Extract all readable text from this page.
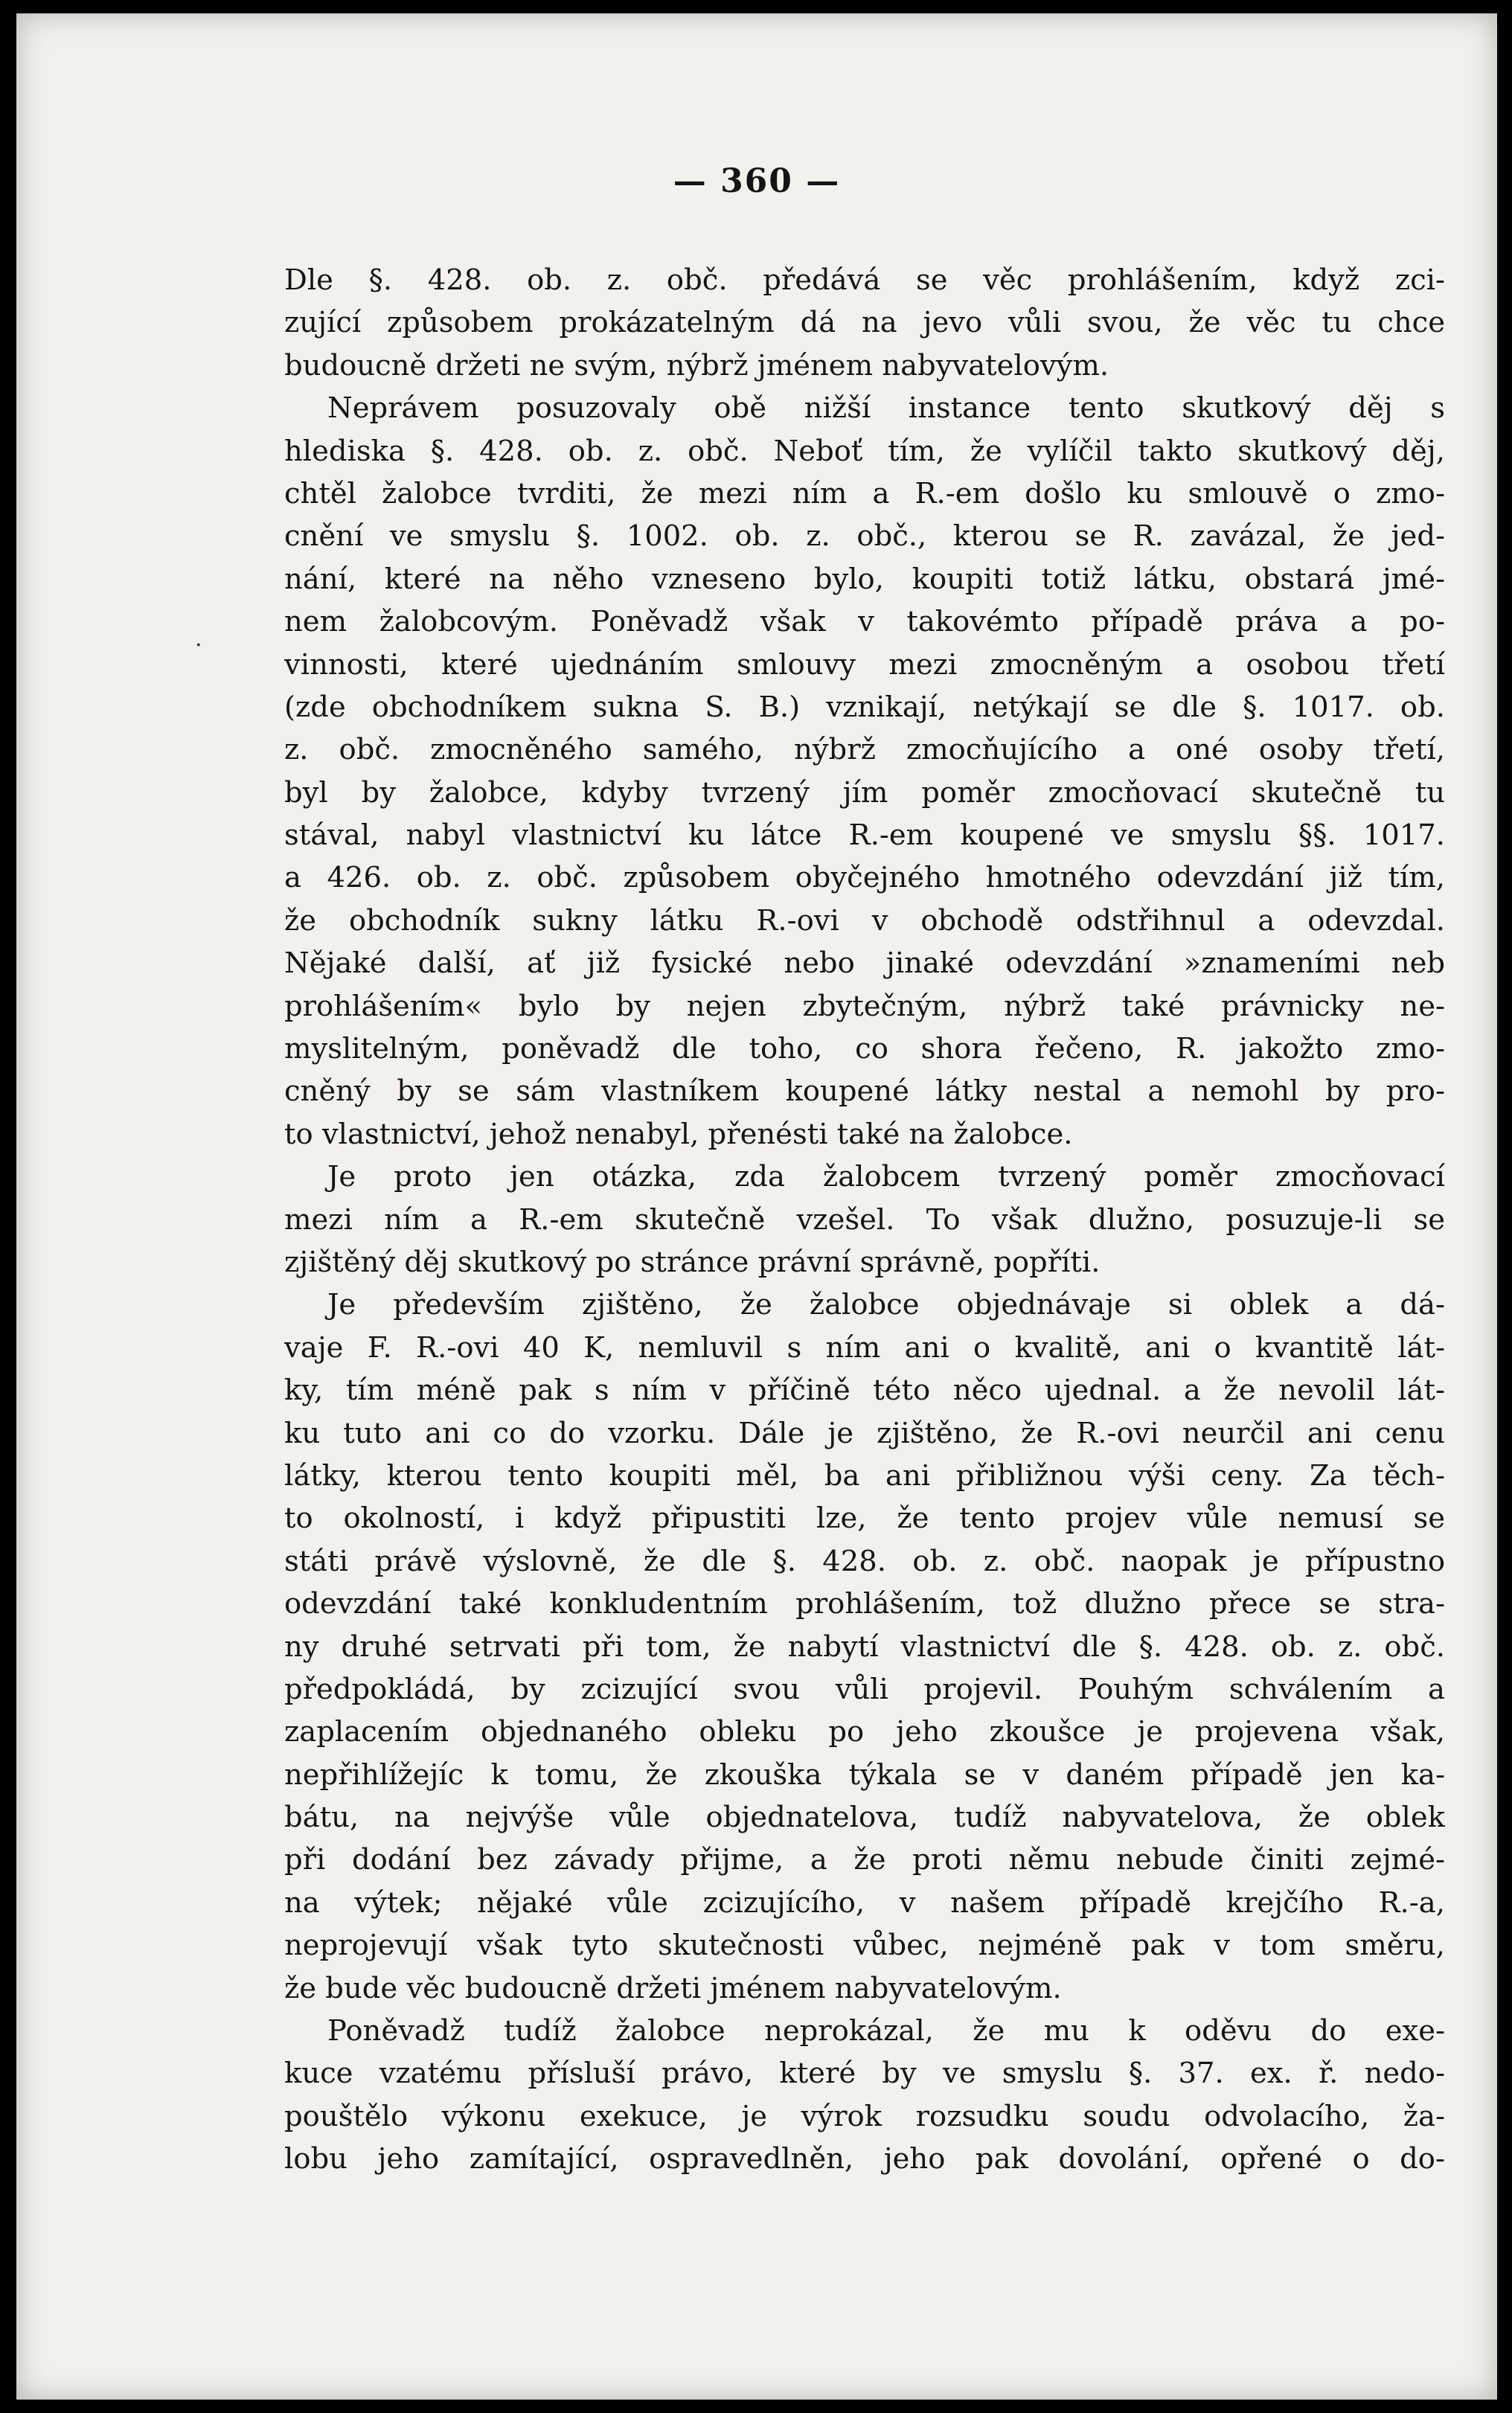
— 360 —
·
Dle §. 428. ob. z. obč. předává se věc prohlášením, když zci-
zující způsobem prokázatelným dá na jevo vůli svou, že věc tu chce
budoucně držeti ne svým, nýbrž jménem nabyvatelovým.
Neprávem posuzovaly obě nižší instance tento skutkový děj s
hlediska §. 428. ob. z. obč. Neboť tím, že vylíčil takto skutkový děj,
chtěl žalobce tvrditi, že mezi ním a R.-em došlo ku smlouvě o zmo-
cnění ve smyslu §. 1002. ob. z. obč., kterou se R. zavázal, že jed-
nání, které na něho vzneseno bylo, koupiti totiž látku, obstará jmé-
nem žalobcovým. Poněvadž však v takovémto případě práva a po-
vinnosti, které ujednáním smlouvy mezi zmocněným a osobou třetí
(zde obchodníkem sukna S. B.) vznikají, netýkají se dle §. 1017. ob.
z. obč. zmocněného samého, nýbrž zmocňujícího a oné osoby třetí,
byl by žalobce, kdyby tvrzený jím poměr zmocňovací skutečně tu
stával, nabyl vlastnictví ku látce R.-em koupené ve smyslu §§. 1017.
a 426. ob. z. obč. způsobem obyčejného hmotného odevzdání již tím,
že obchodník sukny látku R.-ovi v obchodě odstřihnul a odevzdal.
Nějaké další, ať již fysické nebo jinaké odevzdání »znameními neb
prohlášením« bylo by nejen zbytečným, nýbrž také právnicky ne-
myslitelným, poněvadž dle toho, co shora řečeno, R. jakožto zmo-
cněný by se sám vlastníkem koupené látky nestal a nemohl by pro-
to vlastnictví, jehož nenabyl, přenésti také na žalobce.
Je proto jen otázka, zda žalobcem tvrzený poměr zmocňovací
mezi ním a R.-em skutečně vzešel. To však dlužno, posuzuje-li se
zjištěný děj skutkový po stránce právní správně, popříti.
Je především zjištěno, že žalobce objednávaje si oblek a dá-
vaje F. R.-ovi 40 K, nemluvil s ním ani o kvalitě, ani o kvantitě lát-
ky, tím méně pak s ním v příčině této něco ujednal. a že nevolil lát-
ku tuto ani co do vzorku. Dále je zjištěno, že R.-ovi neurčil ani cenu
látky, kterou tento koupiti měl, ba ani přibližnou výši ceny. Za těch-
to okolností, i když připustiti lze, že tento projev vůle nemusí se
státi právě výslovně, že dle §. 428. ob. z. obč. naopak je přípustno
odevzdání také konkludentním prohlášením, tož dlužno přece se stra-
ny druhé setrvati při tom, že nabytí vlastnictví dle §. 428. ob. z. obč.
předpokládá, by zcizující svou vůli projevil. Pouhým schválením a
zaplacením objednaného obleku po jeho zkoušce je projevena však,
nepřihlížejíc k tomu, že zkouška týkala se v daném případě jen ka-
bátu, na nejvýše vůle objednatelova, tudíž nabyvatelova, že oblek
při dodání bez závady přijme, a že proti němu nebude činiti zejmé-
na výtek; nějaké vůle zcizujícího, v našem případě krejčího R.-a,
neprojevují však tyto skutečnosti vůbec, nejméně pak v tom směru,
že bude věc budoucně držeti jménem nabyvatelovým.
Poněvadž tudíž žalobce neprokázal, že mu k oděvu do exe-
kuce vzatému přísluší právo, které by ve smyslu §. 37. ex. ř. nedo-
pouštělo výkonu exekuce, je výrok rozsudku soudu odvolacího, ža-
lobu jeho zamítající, ospravedlněn, jeho pak dovolání, opřené o do-
